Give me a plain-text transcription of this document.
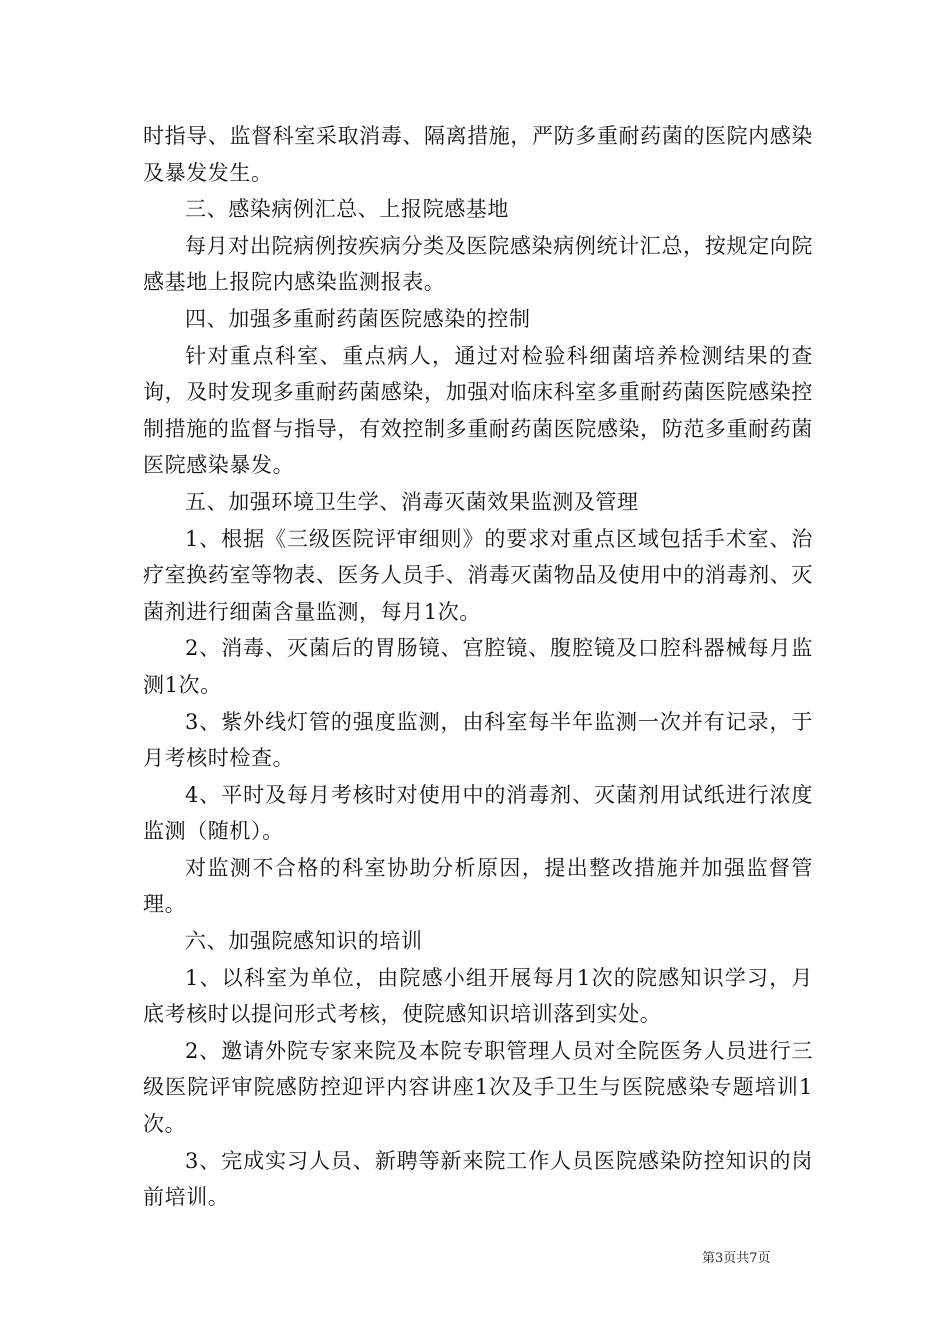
时指导、监督科室采取消毒、隔离措施，严防多重耐药菌的医院内感染及暴发发生。

三、感染病例汇总、上报院感基地

每月对出院病例按疾病分类及医院感染病例统计汇总，按规定向院感基地上报院内感染监测报表。

四、加强多重耐药菌医院感染的控制

针对重点科室、重点病人，通过对检验科细菌培养检测结果的查询，及时发现多重耐药菌感染，加强对临床科室多重耐药菌医院感染控制措施的监督与指导，有效控制多重耐药菌医院感染，防范多重耐药菌医院感染暴发。

五、加强环境卫生学、消毒灭菌效果监测及管理

1、根据《三级医院评审细则》的要求对重点区域包括手术室、治疗室换药室等物表、医务人员手、消毒灭菌物品及使用中的消毒剂、灭菌剂进行细菌含量监测，每月1次。

2、消毒、灭菌后的胃肠镜、宫腔镜、腹腔镜及口腔科器械每月监测1次。

3、紫外线灯管的强度监测，由科室每半年监测一次并有记录，于月考核时检查。

4、平时及每月考核时对使用中的消毒剂、灭菌剂用试纸进行浓度监测（随机）。

对监测不合格的科室协助分析原因，提出整改措施并加强监督管理。

六、加强院感知识的培训

1、以科室为单位，由院感小组开展每月1次的院感知识学习，月底考核时以提问形式考核，使院感知识培训落到实处。

2、邀请外院专家来院及本院专职管理人员对全院医务人员进行三级医院评审院感防控迎评内容讲座1次及手卫生与医院感染专题培训1次。

3、完成实习人员、新聘等新来院工作人员医院感染防控知识的岗前培训。

第3页共7页
